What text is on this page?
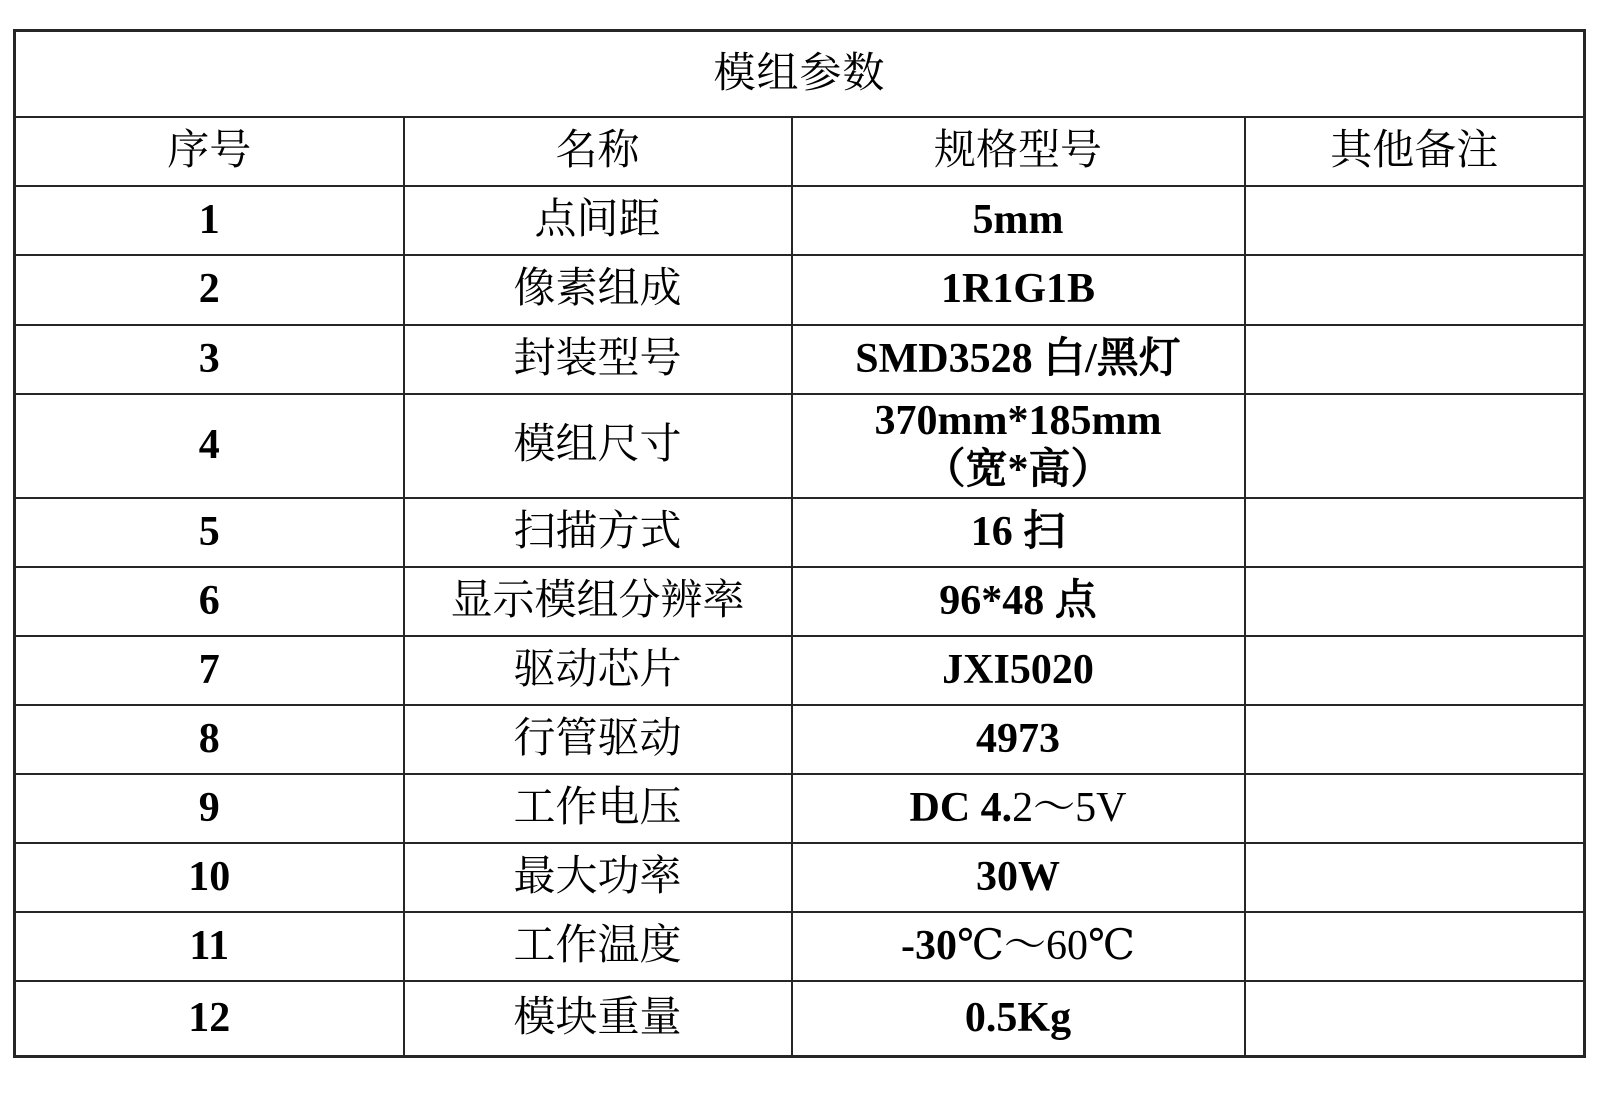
模组参数			
序号	名称	规格型号	其他备注
1	点间距	5mm	

2	像素组成	1R1G1B	

3	封装型号	SMD3528 白/黑灯	

4	模组尺寸	370mm*185mm
（宽*高）	

5	扫描方式	16 扫	

6	显示模组分辨率	96*48 点	

7	驱动芯片	JXI5020	

8	行管驱动	4973	

9	工作电压	DC 4.2～5V	

10	最大功率	30W	

11	工作温度	-30℃～60℃	

12	模块重量	0.5Kg	
